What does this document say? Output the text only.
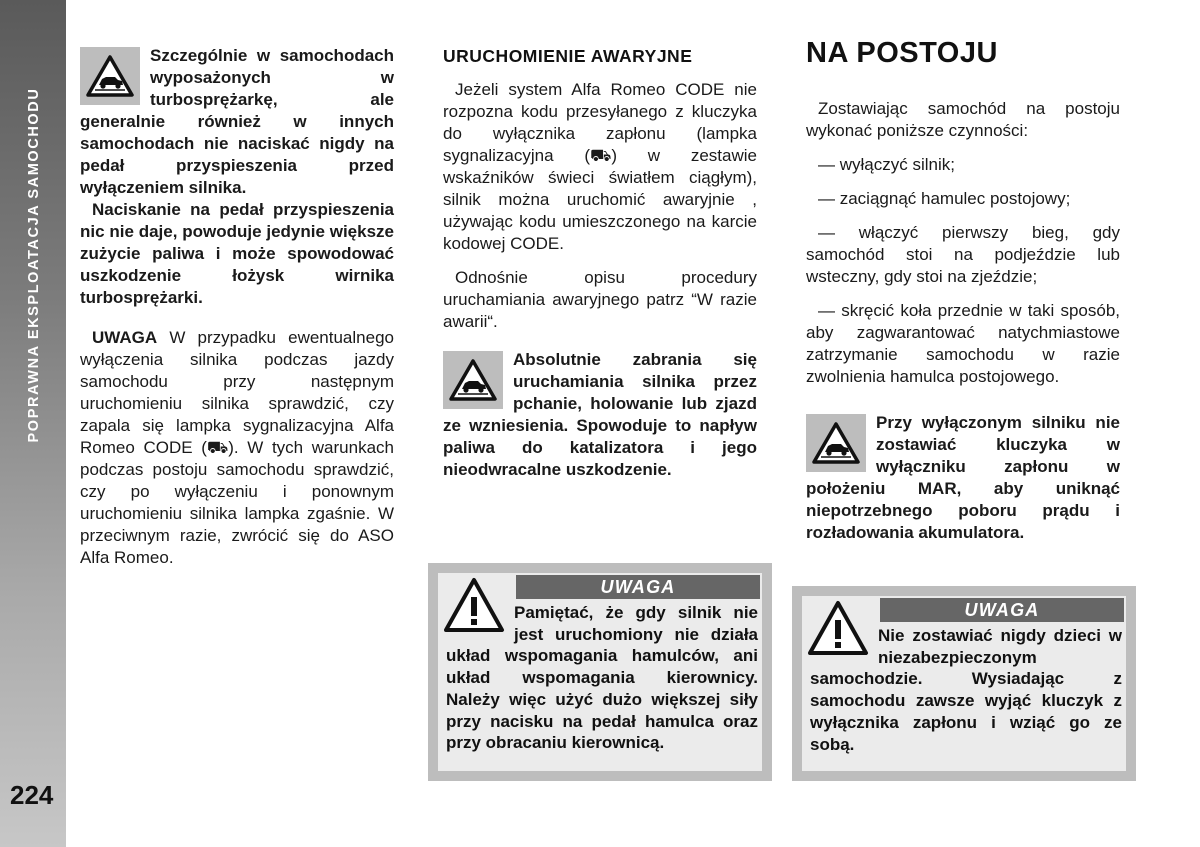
POPRAWNA EKSPLOATACJA SAMOCHODU
224

Szczególnie w samochodach wyposażonych w turbosprężarkę, ale generalnie również w innych samochodach nie naciskać nigdy na pedał przyspieszenia przed wyłączeniem silnika.

Naciskanie na pedał przyspieszenia nic nie daje, powoduje jedynie większe zużycie paliwa i może spowodować uszkodzenie łożysk wirnika turbosprężarki.

UWAGA W przypadku ewentualnego wyłączenia silnika podczas jazdy samochodu przy następnym uruchomieniu silnika sprawdzić, czy zapala się lampka sygnalizacyjna Alfa Romeo CODE (⛟). W tych warunkach podczas postoju samochodu sprawdzić, czy po wyłączeniu i ponownym uruchomieniu silnika lampka zgaśnie. W przeciwnym razie, zwrócić się do ASO Alfa Romeo.

URUCHOMIENIE AWARYJNE

Jeżeli system Alfa Romeo CODE nie rozpozna kodu przesyłanego z kluczyka do wyłącznika zapłonu (lampka sygnalizacyjna (⛟) w zestawie wskaźników świeci światłem ciągłym), silnik można uruchomić awaryjnie , używając kodu umieszczonego na karcie kodowej CODE.

Odnośnie opisu procedury uruchamiania awaryjnego patrz “W razie awarii“.

Absolutnie zabrania się uruchamiania silnika przez pchanie, holowanie lub zjazd ze wzniesienia. Spowoduje to napływ paliwa do katalizatora i jego nieodwracalne uszkodzenie.

UWAGA
Pamiętać, że gdy silnik nie jest uruchomiony nie działa układ wspomagania hamulców, ani układ wspomagania kierownicy. Należy więc użyć dużo większej siły przy nacisku na pedał hamulca oraz przy obracaniu kierownicą.
NA POSTOJU

Zostawiając samochód na postoju wykonać poniższe czynności:

— wyłączyć silnik;

— zaciągnąć hamulec postojowy;

— włączyć pierwszy bieg, gdy samochód stoi na podjeździe lub wsteczny, gdy stoi na zjeździe;

— skręcić koła przednie w taki sposób, aby zagwarantować natychmiastowe zatrzymanie samochodu w razie zwolnienia hamulca postojowego.

Przy wyłączonym silniku nie zostawiać kluczyka w wyłączniku zapłonu w położeniu MAR, aby uniknąć niepotrzebnego poboru prądu i rozładowania akumulatora.

UWAGA
Nie zostawiać nigdy dzieci w niezabezpieczonym samochodzie. Wysiadając z samochodu zawsze wyjąć kluczyk z wyłącznika zapłonu i wziąć go ze sobą.
